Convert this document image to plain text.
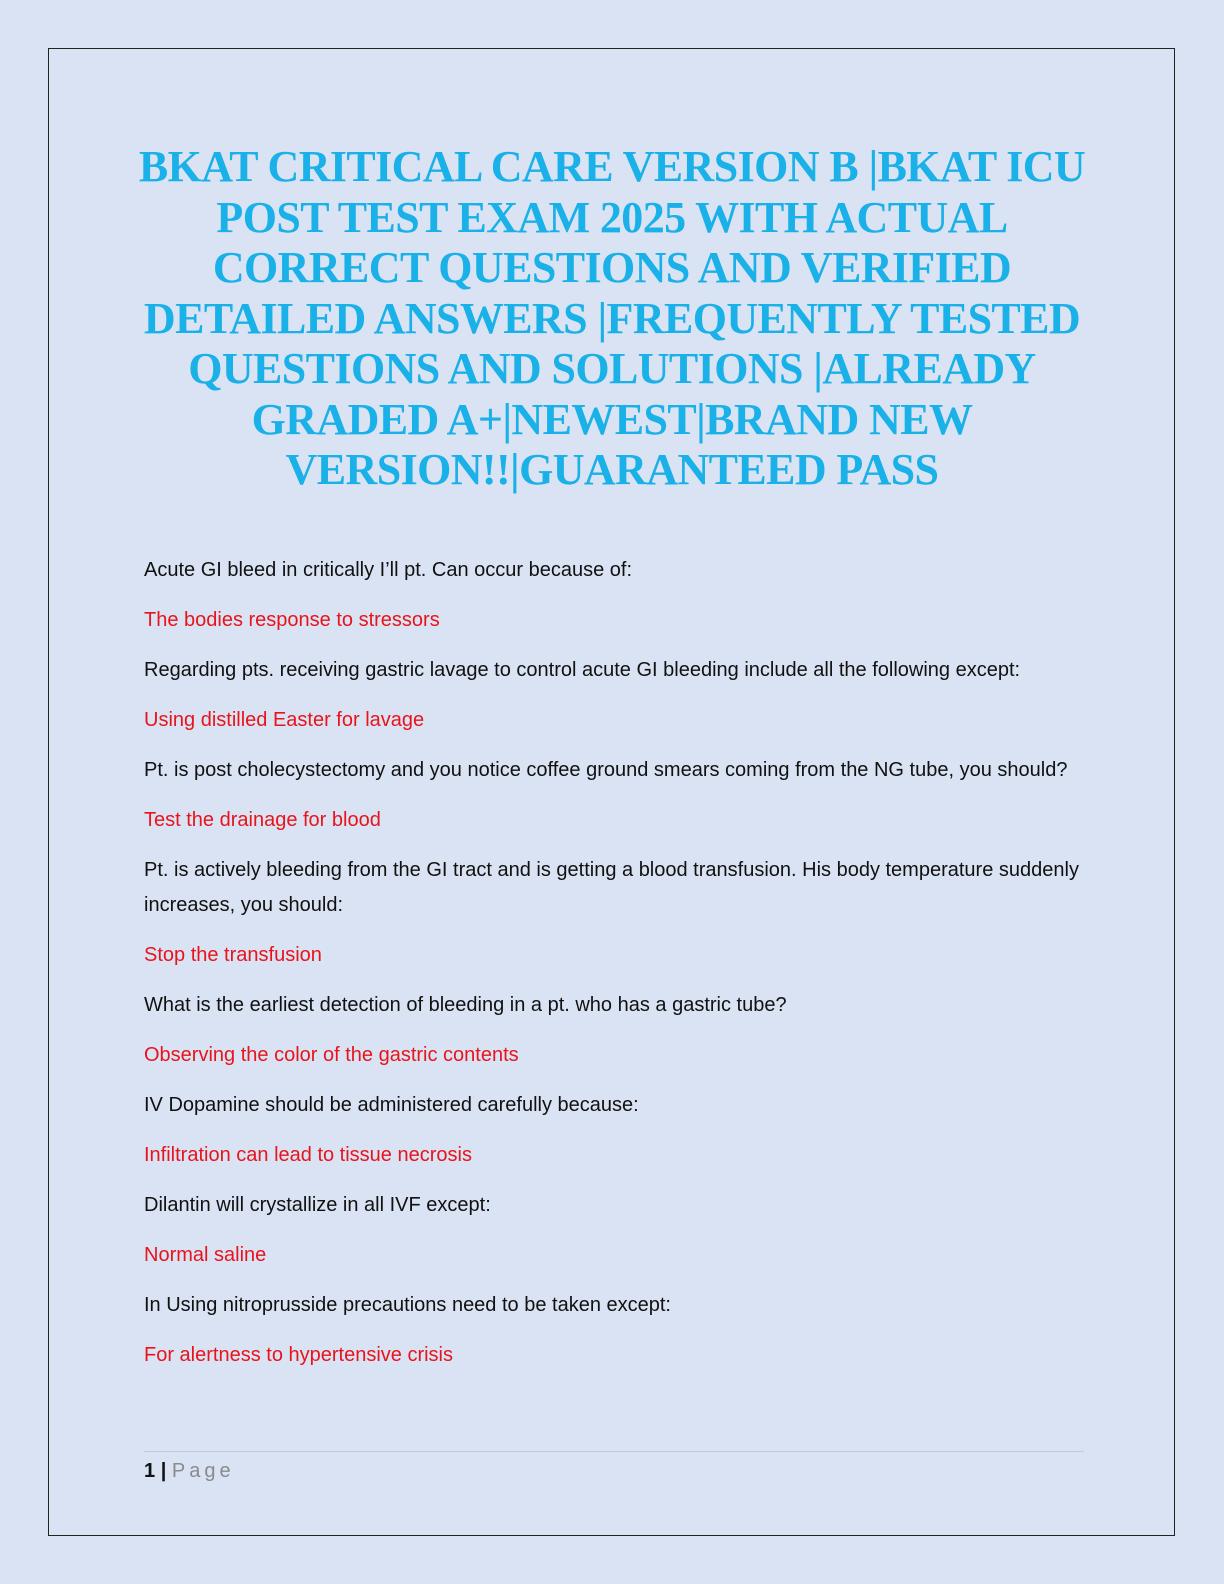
BKAT CRITICAL CARE VERSION B |BKAT ICU POST TEST EXAM 2025 WITH ACTUAL CORRECT QUESTIONS AND VERIFIED DETAILED ANSWERS |FREQUENTLY TESTED QUESTIONS AND SOLUTIONS |ALREADY GRADED A+|NEWEST|BRAND NEW VERSION!!|GUARANTEED PASS

Acute GI bleed in critically I’ll pt. Can occur because of:

The bodies response to stressors

Regarding pts. receiving gastric lavage to control acute GI bleeding include all the following except:

Using distilled Easter for lavage

Pt. is post cholecystectomy and you notice coffee ground smears coming from the NG tube, you should?

Test the drainage for blood

Pt. is actively bleeding from the GI tract and is getting a blood transfusion. His body temperature suddenly increases, you should:

Stop the transfusion

What is the earliest detection of bleeding in a pt. who has a gastric tube?

Observing the color of the gastric contents

IV Dopamine should be administered carefully because:

Infiltration can lead to tissue necrosis

Dilantin will crystallize in all IVF except:

Normal saline

In Using nitroprusside precautions need to be taken except:

For alertness to hypertensive crisis

1 | Page
